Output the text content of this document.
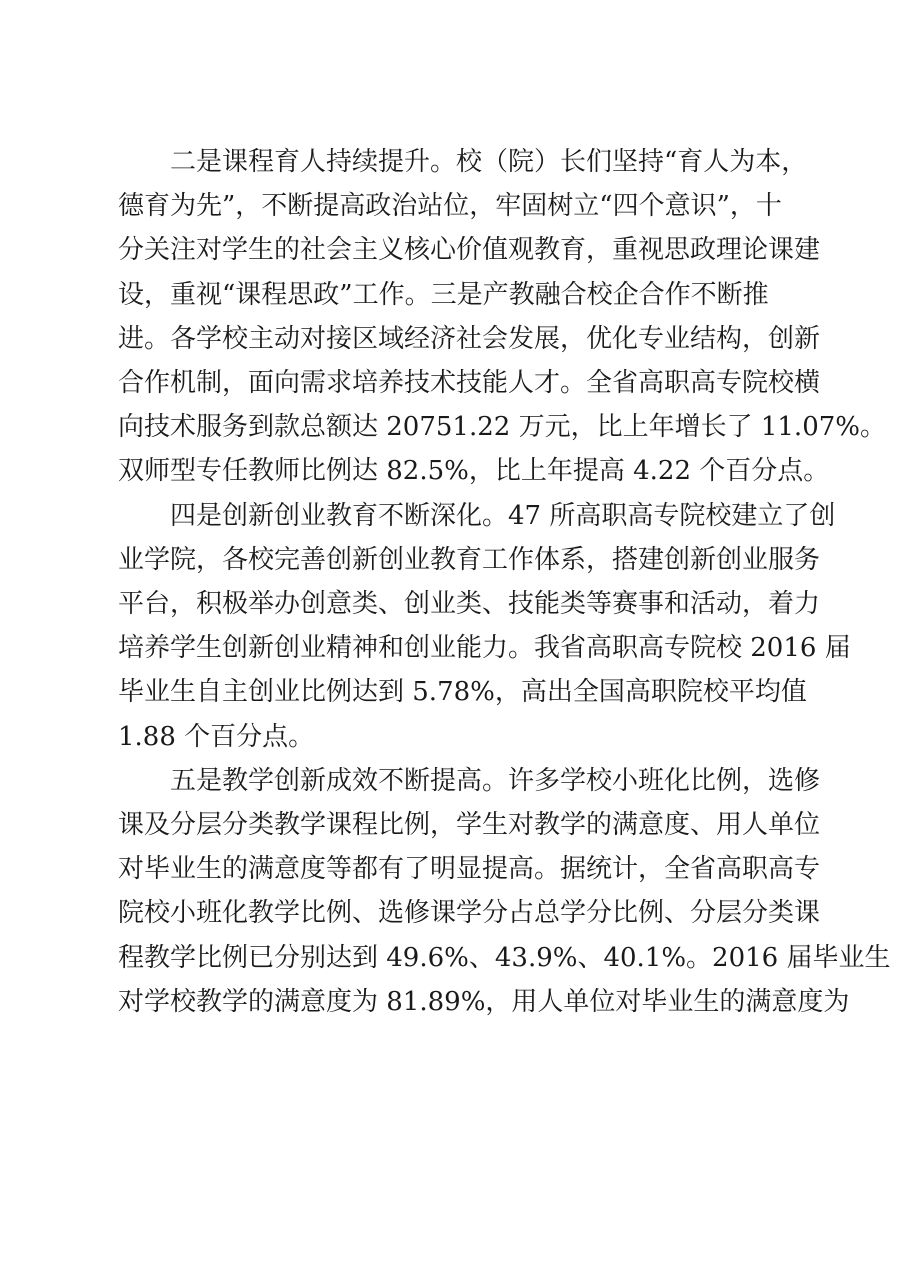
　　二是课程育人持续提升。校（院）长们坚持“育人为本，
德育为先”，不断提高政治站位，牢固树立“四个意识”，十
分关注对学生的社会主义核心价值观教育，重视思政理论课建
设，重视“课程思政”工作。三是产教融合校企合作不断推
进。各学校主动对接区域经济社会发展，优化专业结构，创新
合作机制，面向需求培养技术技能人才。全省高职高专院校横
向技术服务到款总额达 20751.22 万元，比上年增长了 11.07%。
双师型专任教师比例达 82.5%，比上年提高 4.22 个百分点。

　　四是创新创业教育不断深化。47 所高职高专院校建立了创
业学院，各校完善创新创业教育工作体系，搭建创新创业服务
平台，积极举办创意类、创业类、技能类等赛事和活动，着力
培养学生创新创业精神和创业能力。我省高职高专院校 2016 届
毕业生自主创业比例达到 5.78%，高出全国高职院校平均值
1.88 个百分点。

　　五是教学创新成效不断提高。许多学校小班化比例，选修
课及分层分类教学课程比例，学生对教学的满意度、用人单位
对毕业生的满意度等都有了明显提高。据统计，全省高职高专
院校小班化教学比例、选修课学分占总学分比例、分层分类课
程教学比例已分别达到 49.6%、43.9%、40.1%。2016 届毕业生
对学校教学的满意度为 81.89%，用人单位对毕业生的满意度为
